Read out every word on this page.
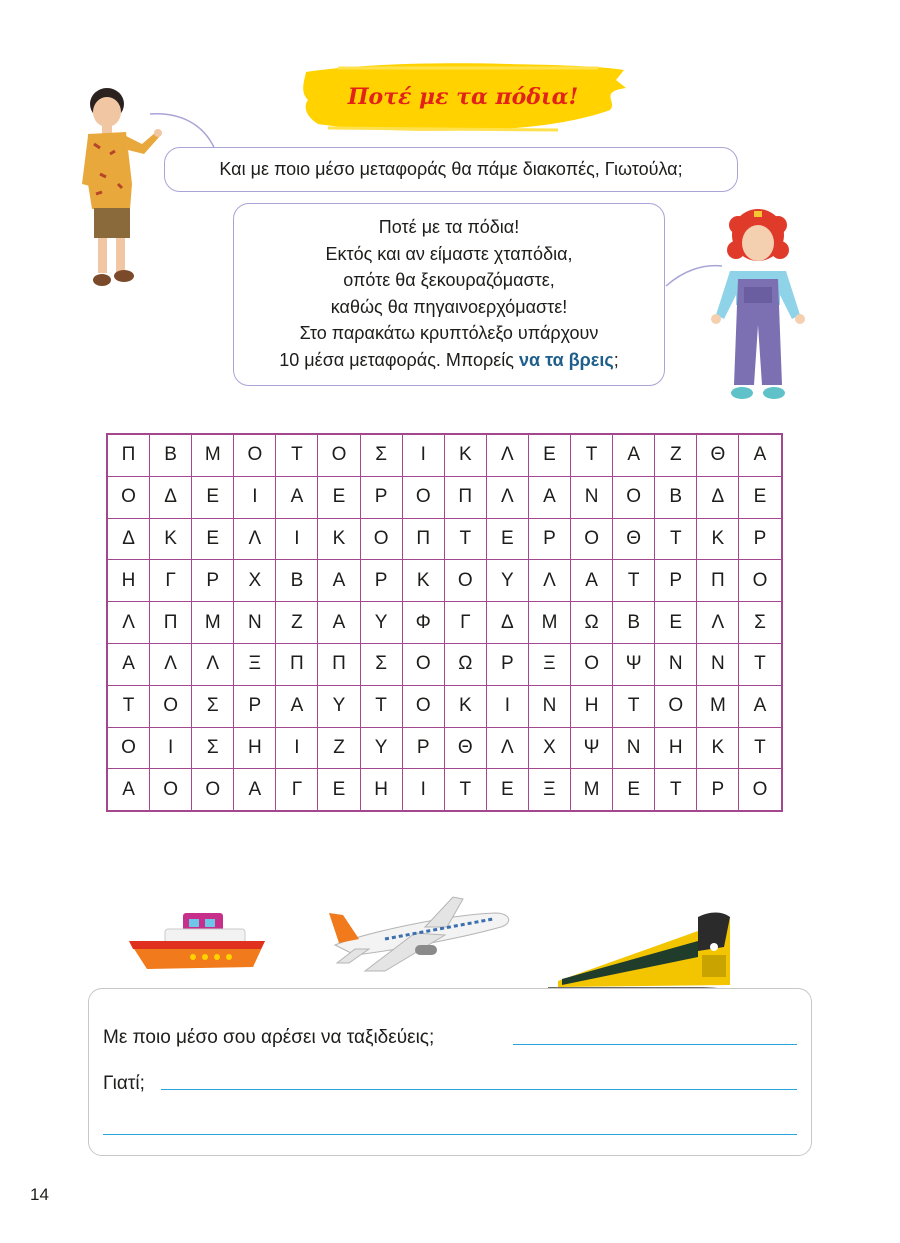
Ποτέ με τα πόδια!
Και με ποιο μέσο μεταφοράς θα πάμε διακοπές, Γιωτούλα;
Ποτέ με τα πόδια!
Εκτός και αν είμαστε χταπόδια,
οπότε θα ξεκουραζόμαστε,
καθώς θα πηγαινοερχόμαστε!
Στο παρακάτω κρυπτόλεξο υπάρχουν
10 μέσα μεταφοράς. Μπορείς να τα βρεις;
Π	Β	Μ	Ο	Τ	Ο	Σ	Ι	Κ	Λ	Ε	Τ	Α	Ζ	Θ	Α
Ο	Δ	Ε	Ι	Α	Ε	Ρ	Ο	Π	Λ	Α	Ν	Ο	Β	Δ	Ε
Δ	Κ	Ε	Λ	Ι	Κ	Ο	Π	Τ	Ε	Ρ	Ο	Θ	Τ	Κ	Ρ
Η	Γ	Ρ	Χ	Β	Α	Ρ	Κ	Ο	Υ	Λ	Α	Τ	Ρ	Π	Ο
Λ	Π	Μ	Ν	Ζ	Α	Υ	Φ	Γ	Δ	Μ	Ω	Β	Ε	Λ	Σ
Α	Λ	Λ	Ξ	Π	Π	Σ	Ο	Ω	Ρ	Ξ	Ο	Ψ	Ν	Ν	Τ
Τ	Ο	Σ	Ρ	Α	Υ	Τ	Ο	Κ	Ι	Ν	Η	Τ	Ο	Μ	Α
Ο	Ι	Σ	Η	Ι	Ζ	Υ	Ρ	Θ	Λ	Χ	Ψ	Ν	Η	Κ	Τ
Α	Ο	Ο	Α	Γ	Ε	Η	Ι	Τ	Ε	Ξ	Μ	Ε	Τ	Ρ	Ο
Με ποιο μέσο σου αρέσει να ταξιδεύεις;
Γιατί;
14
